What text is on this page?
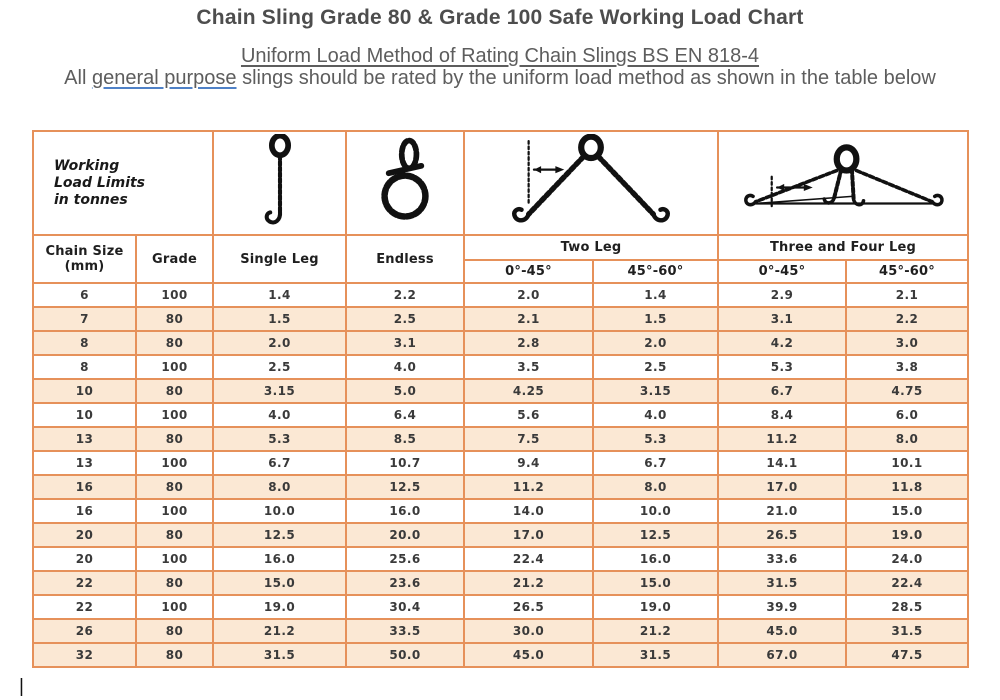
Chain Sling Grade 80 & Grade 100 Safe Working Load Chart
Uniform Load Method of Rating Chain Slings BS EN 818-4
All general purpose slings should be rated by the uniform load method as shown in the table below
Working Load Limits in tonnes	

Chain Size (mm)	Grade	Single Leg	Endless	Two Leg		Three and Four Leg	
				0°-45°	45°-60°	0°-45°	45°-60°
6	100	1.4	2.2	2.0	1.4	2.9	2.1
7	80	1.5	2.5	2.1	1.5	3.1	2.2
8	80	2.0	3.1	2.8	2.0	4.2	3.0
8	100	2.5	4.0	3.5	2.5	5.3	3.8
10	80	3.15	5.0	4.25	3.15	6.7	4.75
10	100	4.0	6.4	5.6	4.0	8.4	6.0
13	80	5.3	8.5	7.5	5.3	11.2	8.0
13	100	6.7	10.7	9.4	6.7	14.1	10.1
16	80	8.0	12.5	11.2	8.0	17.0	11.8
16	100	10.0	16.0	14.0	10.0	21.0	15.0
20	80	12.5	20.0	17.0	12.5	26.5	19.0
20	100	16.0	25.6	22.4	16.0	33.6	24.0
22	80	15.0	23.6	21.2	15.0	31.5	22.4
22	100	19.0	30.4	26.5	19.0	39.9	28.5
26	80	21.2	33.5	30.0	21.2	45.0	31.5
32	80	31.5	50.0	45.0	31.5	67.0	47.5
|
